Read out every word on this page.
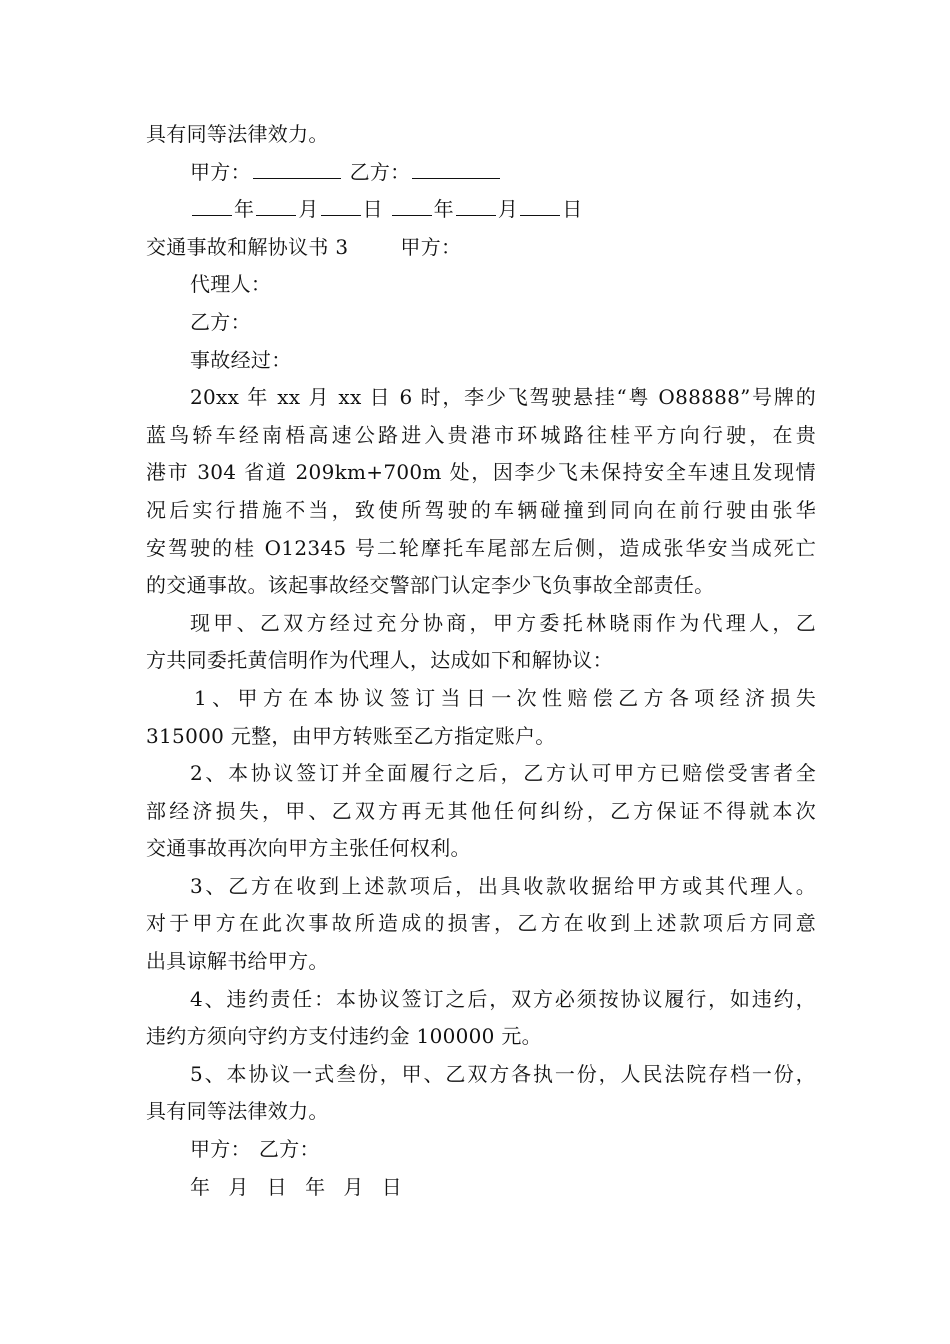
具有同等法律效力。
甲方：	乙方：
年 月 日	年 月 日
交通事故和解协议书 3	甲方：
代理人：
乙方：
事故经过：
20xx 年 xx 月 xx 日 6 时，李少飞驾驶悬挂“粤 O88888”号牌的
蓝鸟轿车经南梧高速公路进入贵港市环城路往桂平方向行驶，在贵
港市 304 省道 209km+700m 处，因李少飞未保持安全车速且发现情
况后实行措施不当，致使所驾驶的车辆碰撞到同向在前行驶由张华
安驾驶的桂 O12345 号二轮摩托车尾部左后侧，造成张华安当成死亡
的交通事故。该起事故经交警部门认定李少飞负事故全部责任。
现甲、乙双方经过充分协商，甲方委托林晓雨作为代理人，乙
方共同委托黄信明作为代理人，达成如下和解协议：
1、甲方在本协议签订当日一次性赔偿乙方各项经济损失
315000 元整，由甲方转账至乙方指定账户。
2、本协议签订并全面履行之后，乙方认可甲方已赔偿受害者全
部经济损失，甲、乙双方再无其他任何纠纷，乙方保证不得就本次
交通事故再次向甲方主张任何权利。
3、乙方在收到上述款项后，出具收款收据给甲方或其代理人。
对于甲方在此次事故所造成的损害，乙方在收到上述款项后方同意
出具谅解书给甲方。
4、违约责任：本协议签订之后，双方必须按协议履行，如违约，
违约方须向守约方支付违约金 100000 元。
5、本协议一式叁份，甲、乙双方各执一份，人民法院存档一份，
具有同等法律效力。
甲方： 乙方：
年 月 日 年 月 日
